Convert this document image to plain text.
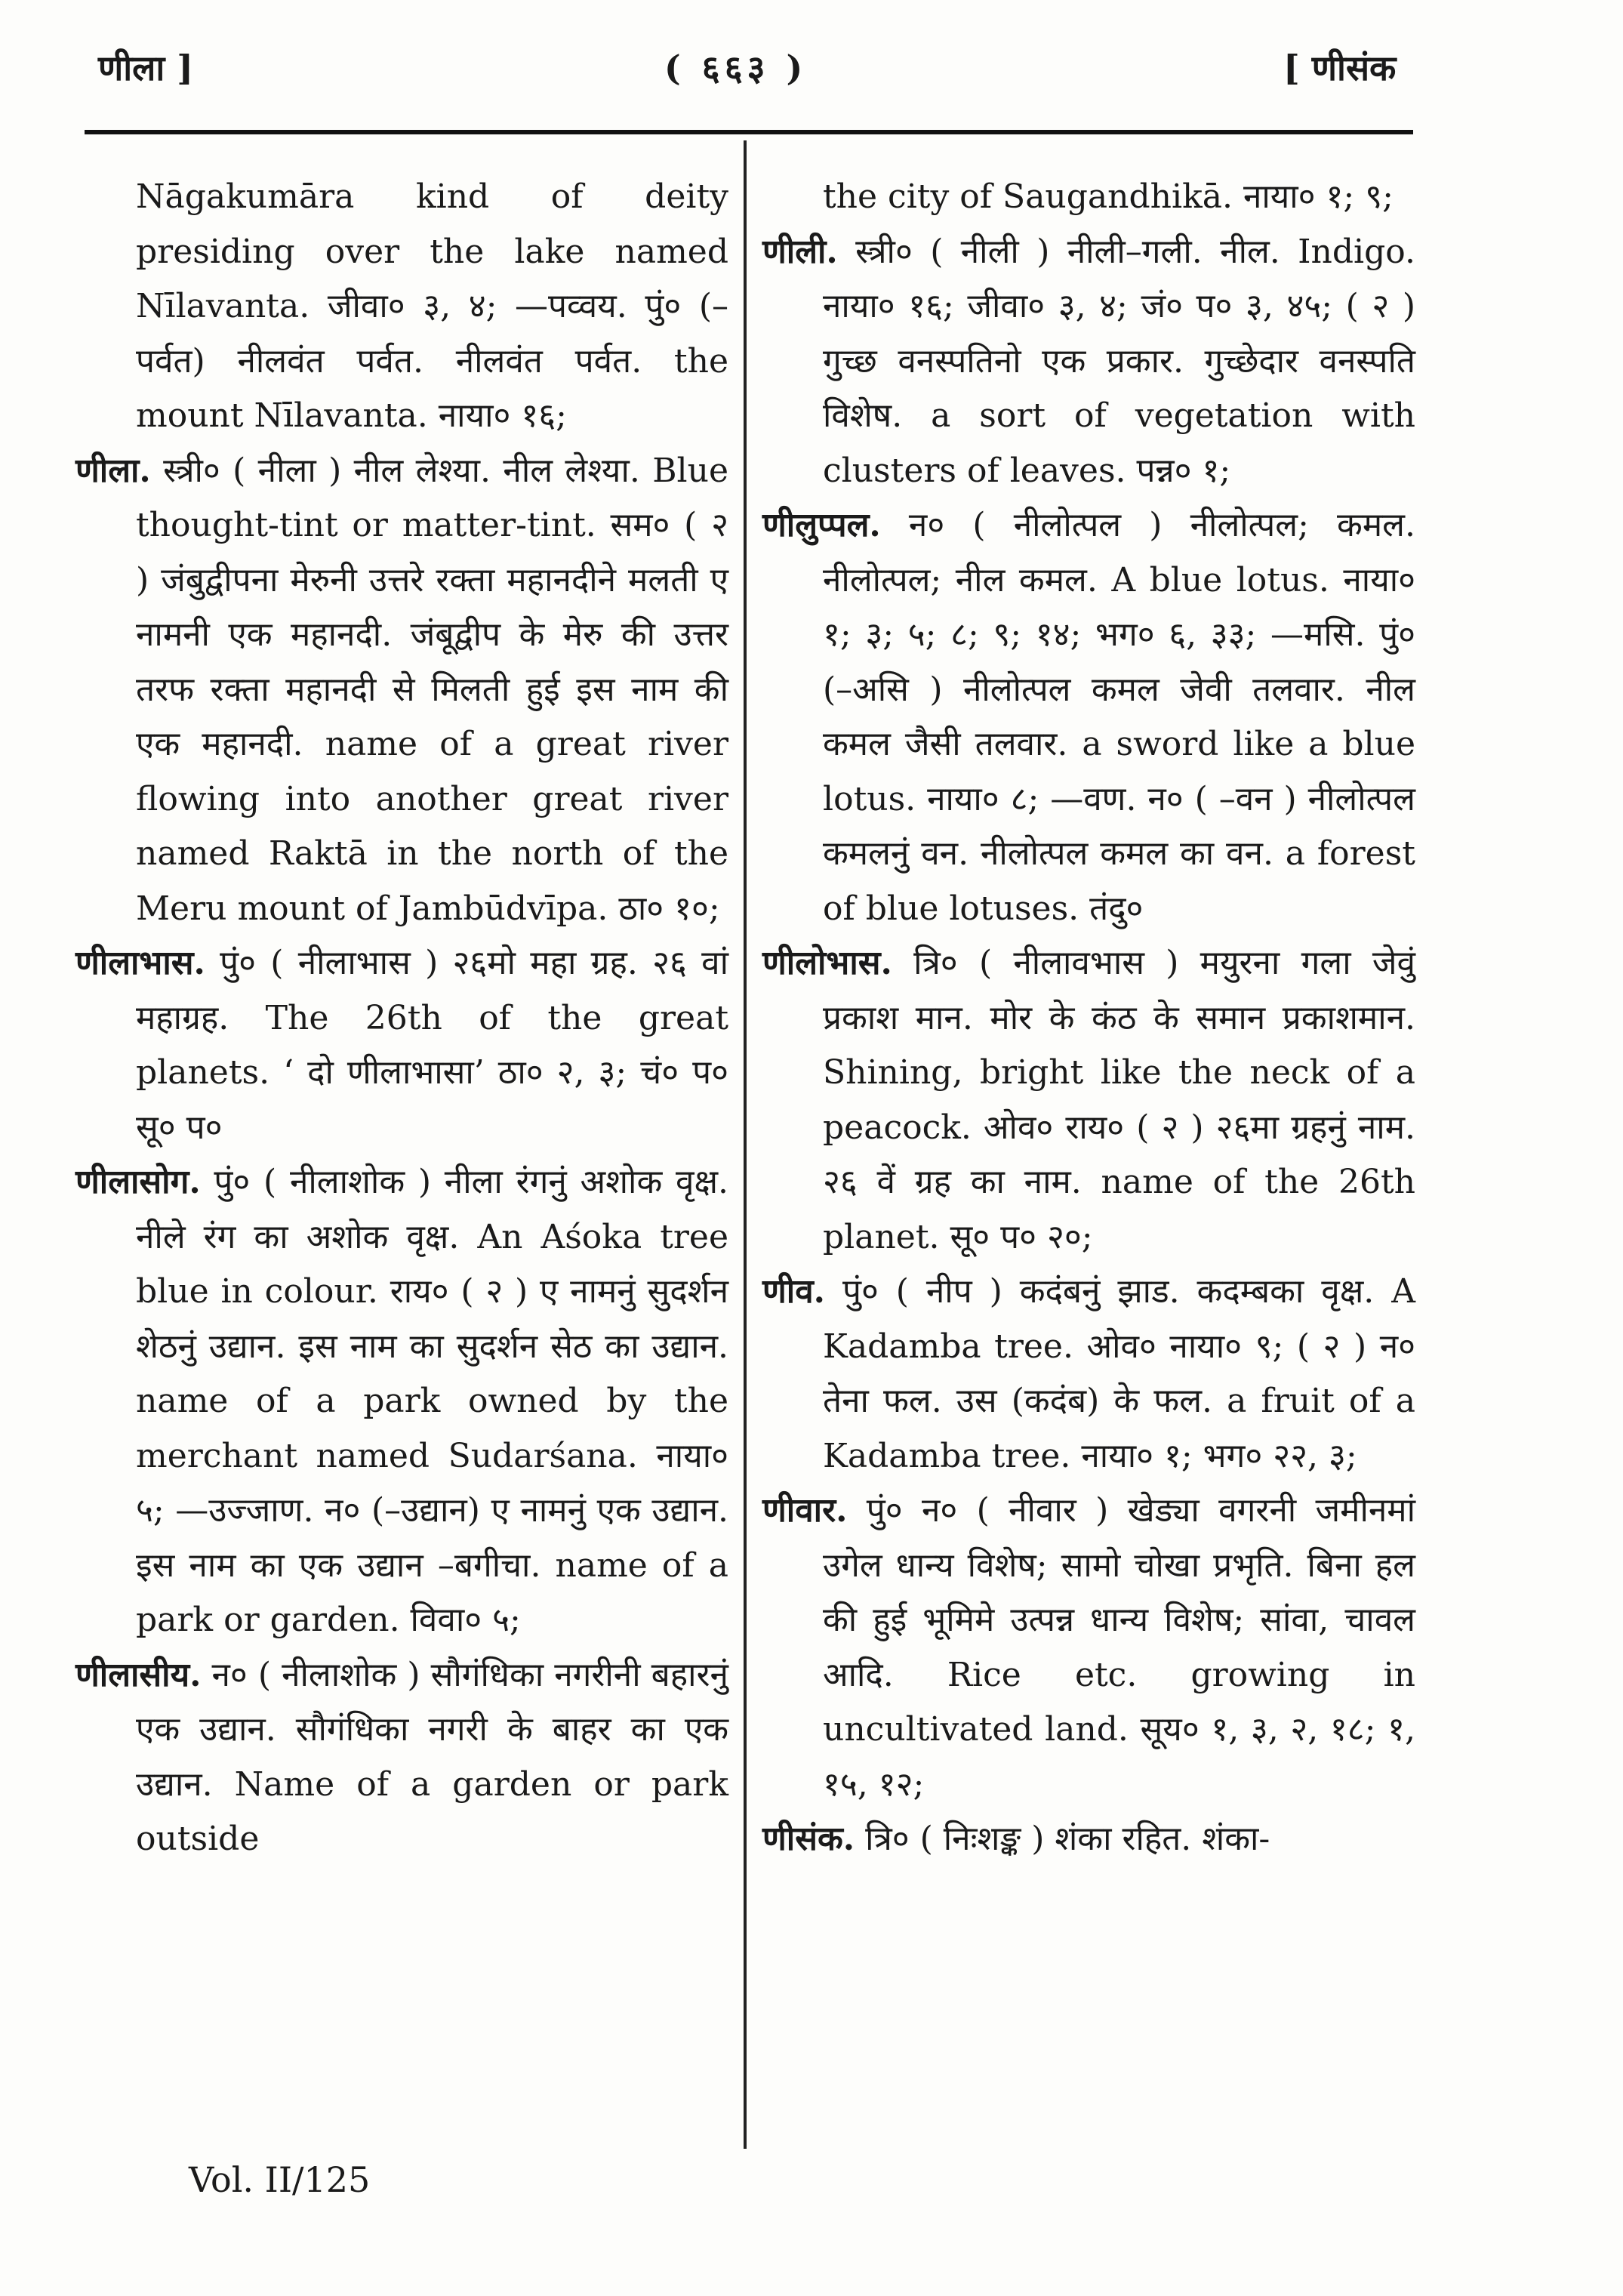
णीला ]	( ६६३ )	[ णीसंक

Nāgakumāra kind of deity presiding over the lake named Nīlavanta. जीवा० ३, ४; —पव्वय. पुं० (–पर्वत) नीलवंत पर्वत. नीलवंत पर्वत. the mount Nīlavanta. नाया० १६;

णीला. स्त्री० ( नीला ) नील लेश्या. नील लेश्या. Blue thought-tint or matter-tint. सम० ( २ ) जंबुद्वीपना मेरुनी उत्तरे रक्ता महानदीने मलती ए नामनी एक महानदी. जंबूद्वीप के मेरु की उत्तर तरफ रक्ता महानदी से मिलती हुई इस नाम की एक महानदी. name of a great river flowing into another great river named Raktā in the north of the Meru mount of Jambūdvīpa. ठा० १०;

णीलाभास. पुं० ( नीलाभास ) २६मो महा ग्रह. २६ वां महाग्रह. The 26th of the great planets. ‘ दो णीलाभासा’ ठा० २, ३; चं० प० सू० प०

णीलासोग. पुं० ( नीलाशोक ) नीला रंगनुं अशोक वृक्ष. नीले रंग का अशोक वृक्ष. An Aśoka tree blue in colour. राय० ( २ ) ए नामनुं सुदर्शन शेठनुं उद्यान. इस नाम का सुदर्शन सेठ का उद्यान. name of a park owned by the merchant named Sudarśana. नाया० ५; —उज्जाण. न० (–उद्यान) ए नामनुं एक उद्यान. इस नाम का एक उद्यान –बगीचा. name of a park or garden. विवा० ५;

णीलासीय. न० ( नीलाशोक ) सौगंधिका नगरीनी बहारनुं एक उद्यान. सौगंधिका नगरी के बाहर का एक उद्यान. Name of a garden or park outside

the city of Saugandhikā. नाया० १; ९;

णीली. स्त्री० ( नीली ) नीली–गली. नील. Indigo. नाया० १६; जीवा० ३, ४; जं० प० ३, ४५; ( २ ) गुच्छ वनस्पतिनो एक प्रकार. गुच्छेदार वनस्पति विशेष. a sort of vegetation with clusters of leaves. पन्न० १;

णीलुप्पल. न० ( नीलोत्पल ) नीलोत्पल; कमल. नीलोत्पल; नील कमल. A blue lotus. नाया० १; ३; ५; ८; ९; १४; भग० ६, ३३; —मसि. पुं० (–असि ) नीलोत्पल कमल जेवी तलवार. नील कमल जैसी तलवार. a sword like a blue lotus. नाया० ८; —वण. न० ( –वन ) नीलोत्पल कमलनुं वन. नीलोत्पल कमल का वन. a forest of blue lotuses. तंदु०

णीलोभास. त्रि० ( नीलावभास ) मयुरना गला जेवुं प्रकाश मान. मोर के कंठ के समान प्रकाशमान. Shining, bright like the neck of a peacock. ओव० राय० ( २ ) २६मा ग्रहनुं नाम. २६ वें ग्रह का नाम. name of the 26th planet. सू० प० २०;

णीव. पुं० ( नीप ) कदंबनुं झाड. कदम्बका वृक्ष. A Kadamba tree. ओव० नाया० ९; ( २ ) न० तेना फल. उस (कदंब) के फल. a fruit of a Kadamba tree. नाया० १; भग० २२, ३;

णीवार. पुं० न० ( नीवार ) खेड्या वगरनी जमीनमां उगेल धान्य विशेष; सामो चोखा प्रभृति. बिना हल की हुई भूमिमे उत्पन्न धान्य विशेष; सांवा, चावल आदि. Rice etc. growing in uncultivated land. सूय० १, ३, २, १८; १, १५, १२;

णीसंक. त्रि० ( निःशङ्क ) शंका रहित. शंका-

Vol. II/125
